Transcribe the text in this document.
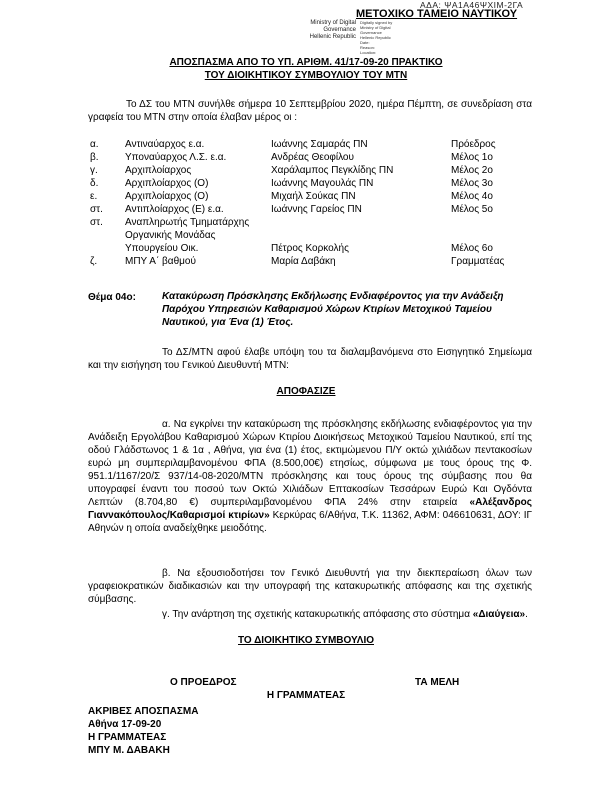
ΑΔΑ: ΨΑ1Α46ΨΧΙΜ-2ΓΑ
ΜΕΤΟΧΙΚΟ ΤΑΜΕΙΟ ΝΑΥΤΙΚΟΥ
Ministry of Digital
Governance
Hellenic Republic
Digitally signed by
Ministry of Digital
Governance
Hellenic Republic
Date:
Reason:
Location:
ΑΠΟΣΠΑΣΜΑ ΑΠΟ ΤΟ ΥΠ. ΑΡΙΘΜ. 41/17-09-20 ΠΡΑΚΤΙΚΟ
ΤΟΥ ΔΙΟΙΚΗΤΙΚΟΥ ΣΥΜΒΟΥΛΙΟΥ ΤΟΥ ΜΤΝ
Το ΔΣ του ΜΤΝ συνήλθε σήμερα 10 Σεπτεμβρίου 2020, ημέρα Πέμπτη, σε συνεδρίαση στα γραφεία του ΜΤΝ στην οποία έλαβαν μέρος οι :
α.	Αντιναύαρχος ε.α.	Ιωάννης Σαμαράς ΠΝ	Πρόεδρος
β.	Υποναύαρχος Λ.Σ. ε.α.	Ανδρέας Θεοφίλου	Μέλος 1ο
γ.	Αρχιπλοίαρχος	Χαράλαμπος Πεγκλίδης ΠΝ	Μέλος 2ο
δ.	Αρχιπλοίαρχος (Ο)	Ιωάννης Μαγουλάς ΠΝ	Μέλος 3ο
ε.	Αρχιπλοίαρχος (Ο)	Μιχαήλ Σούκας ΠΝ	Μέλος 4ο
στ.	Αντιπλοίαρχος (Ε) ε.α.	Ιωάννης Γαρείος ΠΝ	Μέλος 5ο
στ.	Αναπληρωτής Τμηματάρχης		
	Οργανικής Μονάδας		
	Υπουργείου Οικ.	Πέτρος Κορκολής	Μέλος 6ο
ζ.	ΜΠΥ Α΄ βαθμού	Μαρία Δαβάκη	Γραμματέας
Θέμα 04ο:	Κατακύρωση Πρόσκλησης Εκδήλωσης Ενδιαφέροντος για την Ανάδειξη Παρόχου Υπηρεσιών Καθαρισμού Χώρων Κτιρίων Μετοχικού Ταμείου Ναυτικού, για Ένα (1) Έτος.
Το ΔΣ/ΜΤΝ αφού έλαβε υπόψη του τα διαλαμβανόμενα στο Εισηγητικό Σημείωμα και την εισήγηση του Γενικού Διευθυντή ΜΤΝ:
ΑΠΟΦΑΣΙΖΕ
α. Να εγκρίνει την κατακύρωση της πρόσκλησης εκδήλωσης ενδιαφέροντος για την Ανάδειξη Εργολάβου Καθαρισμού Χώρων Κτιρίου Διοικήσεως Μετοχικού Ταμείου Ναυτικού, επί της οδού Γλάδστωνος 1 & 1α , Αθήνα, για ένα (1) έτος, εκτιμώμενου Π/Υ οκτώ χιλιάδων πεντακοσίων ευρώ μη συμπεριλαμβανομένου ΦΠΑ (8.500,00€) ετησίως, σύμφωνα με τους όρους της Φ. 951.1/1167/20/Σ 937/14-08-2020/ΜΤΝ πρόσκλησης και τους όρους της σύμβασης που θα υπογραφεί έναντι του ποσού των Οκτώ Χιλιάδων Επτακοσίων Τεσσάρων Ευρώ Και Ογδόντα Λεπτών (8.704,80 €) συμπεριλαμβανομένου ΦΠΑ 24% στην εταιρεία «Αλέξανδρος Γιαννακόπουλος/Καθαρισμοί κτιρίων» Κερκύρας 6/Αθήνα, Τ.Κ. 11362, ΑΦΜ: 046610631, ΔΟΥ: ΙΓ Αθηνών η οποία αναδείχθηκε μειοδότης.
β. Να εξουσιοδοτήσει τον Γενικό Διευθυντή για την διεκπεραίωση όλων των γραφειοκρατικών διαδικασιών και την υπογραφή της κατακυρωτικής απόφασης και της σχετικής σύμβασης.
γ. Την ανάρτηση της σχετικής κατακυρωτικής απόφασης στο σύστημα «Διαύγεια».
ΤΟ ΔΙΟΙΚΗΤΙΚΟ ΣΥΜΒΟΥΛΙΟ
Ο ΠΡΟΕΔΡΟΣ	ΤΑ ΜΕΛΗ
Η ΓΡΑΜΜΑΤΕΑΣ
ΑΚΡΙΒΕΣ ΑΠΟΣΠΑΣΜΑ
Αθήνα 17-09-20
Η ΓΡΑΜΜΑΤΕΑΣ
ΜΠΥ Μ. ΔΑΒΑΚΗ
